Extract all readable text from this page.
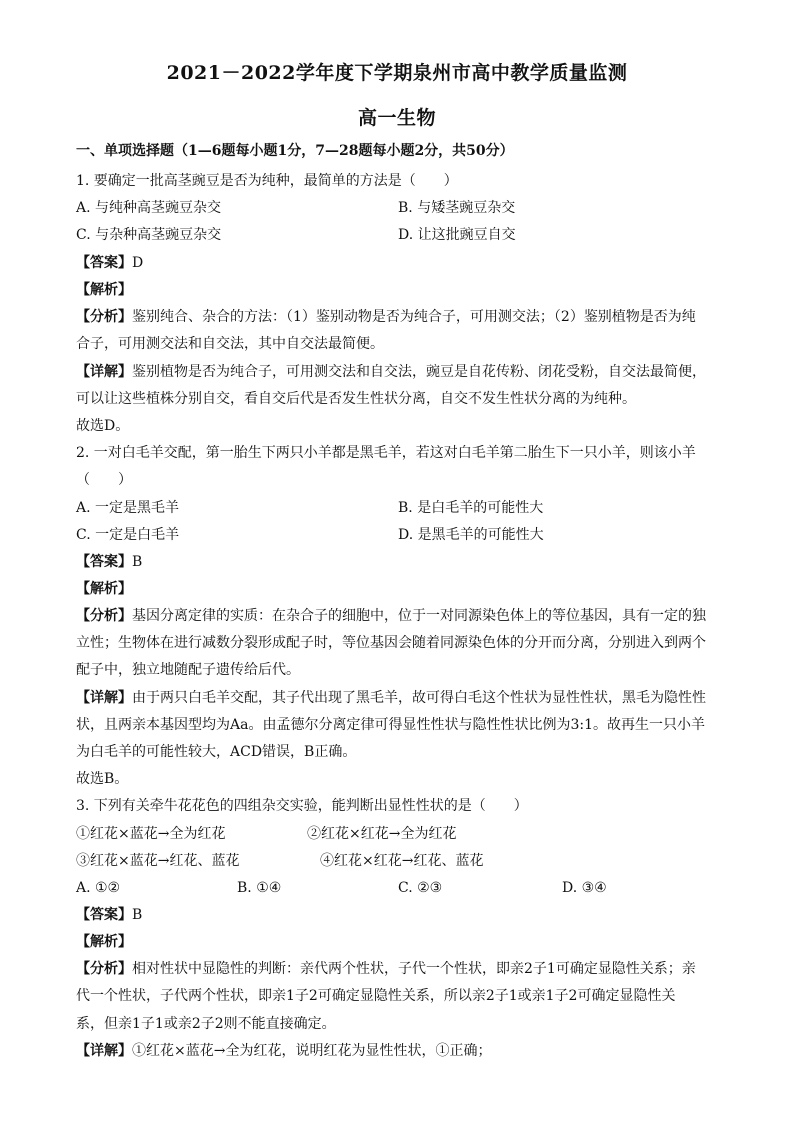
2021－2022学年度下学期泉州市高中教学质量监测
高一生物
一、单项选择题（1—6题每小题1分，7—28题每小题2分，共50分）
1. 要确定一批高茎豌豆是否为纯种，最简单的方法是（　　）
A. 与纯种高茎豌豆杂交	B. 与矮茎豌豆杂交
C. 与杂种高茎豌豆杂交	D. 让这批豌豆自交
【答案】D
【解析】
【分析】鉴别纯合、杂合的方法：（1）鉴别动物是否为纯合子，可用测交法；（2）鉴别植物是否为纯
合子，可用测交法和自交法，其中自交法最简便。
【详解】鉴别植物是否为纯合子，可用测交法和自交法，豌豆是自花传粉、闭花受粉，自交法最简便，
可以让这些植株分别自交，看自交后代是否发生性状分离，自交不发生性状分离的为纯种。
故选D。
2. 一对白毛羊交配，第一胎生下两只小羊都是黑毛羊，若这对白毛羊第二胎生下一只小羊，则该小羊
（　　）
A. 一定是黑毛羊	B. 是白毛羊的可能性大
C. 一定是白毛羊	D. 是黑毛羊的可能性大
【答案】B
【解析】
【分析】基因分离定律的实质：在杂合子的细胞中，位于一对同源染色体上的等位基因，具有一定的独
立性；生物体在进行减数分裂形成配子时，等位基因会随着同源染色体的分开而分离，分别进入到两个
配子中，独立地随配子遗传给后代。
【详解】由于两只白毛羊交配，其子代出现了黑毛羊，故可得白毛这个性状为显性性状，黑毛为隐性性
状，且两亲本基因型均为Aa。由孟德尔分离定律可得显性性状与隐性性状比例为3:1。故再生一只小羊
为白毛羊的可能性较大，ACD错误，B正确。
故选B。
3. 下列有关牵牛花花色的四组杂交实验，能判断出显性性状的是（　　）
①红花×蓝花→全为红花	②红花×红花→全为红花
③红花×蓝花→红花、蓝花	④红花×红花→红花、蓝花
A. ①②	B. ①④	C. ②③	D. ③④
【答案】B
【解析】
【分析】相对性状中显隐性的判断：亲代两个性状，子代一个性状，即亲2子1可确定显隐性关系；亲
代一个性状，子代两个性状，即亲1子2可确定显隐性关系，所以亲2子1或亲1子2可确定显隐性关
系，但亲1子1或亲2子2则不能直接确定。
【详解】①红花×蓝花→全为红花，说明红花为显性性状，①正确；
